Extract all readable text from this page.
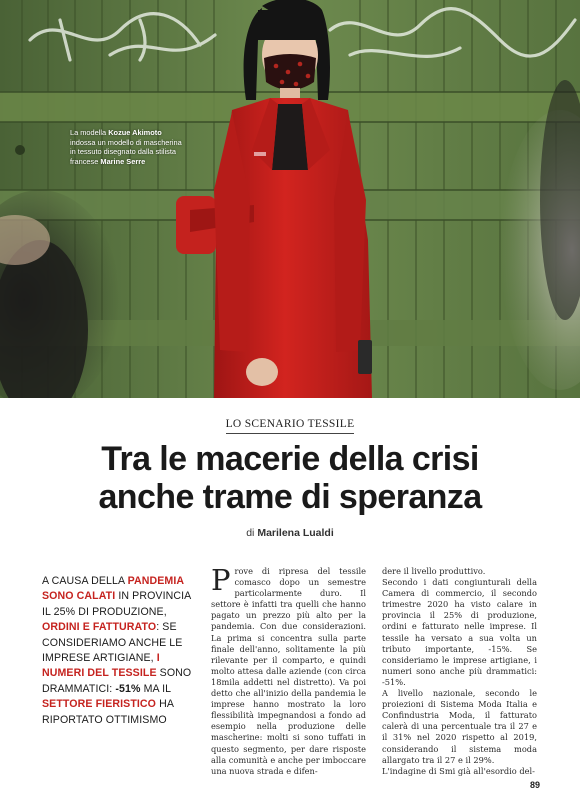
La modella Kozue Akimoto indossa un modello di mascherina in tessuto disegnato dalla stilista francese Marine Serre
LO SCENARIO TESSILE
Tra le macerie della crisi
anche trame di speranza
di Marilena Lualdi
A CAUSA DELLA PANDEMIA SONO CALATI IN PROVINCIA IL 25% DI PRODUZIONE, ORDINI E FATTURATO: SE CONSIDERIAMO ANCHE LE IMPRESE ARTIGIANE, I NUMERI DEL TESSILE SONO DRAMMATICI: -51% MA IL SETTORE FIERISTICO HA RIPORTATO OTTIMISMO
P rove di ripresa del tessile comasco dopo un semestre particolarmente duro. Il settore è infatti tra quelli che hanno pagato un prezzo più alto per la pandemia. Con due considerazioni. La prima si concentra sulla parte finale dell'anno, solitamente la più rilevante per il comparto, e quindi molto attesa dalle aziende (con circa 18mila addetti nel distretto). Va poi detto che all'inizio della pandemia le imprese hanno mostrato la loro flessibilità impegnandosi a fondo ad esempio nella produzione delle mascherine: molti si sono tuffati in questo segmento, per dare risposte alla comunità e anche per imboccare una nuova strada e difen-

dere il livello produttivo.

Secondo i dati congiunturali della Camera di commercio, il secondo trimestre 2020 ha visto calare in provincia il 25% di produzione, ordini e fatturato nelle imprese. Il tessile ha versato a sua volta un tributo importante, -15%. Se consideriamo le imprese artigiane, i numeri sono anche più drammatici: -51%.

A livello nazionale, secondo le proiezioni di Sistema Moda Italia e Confindustria Moda, il fatturato calerà di una percentuale tra il 27 e il 31% nel 2020 rispetto al 2019, considerando il sistema moda allargato tra il 27 e il 29%.

L'indagine di Smi già all'esordio del-

89
